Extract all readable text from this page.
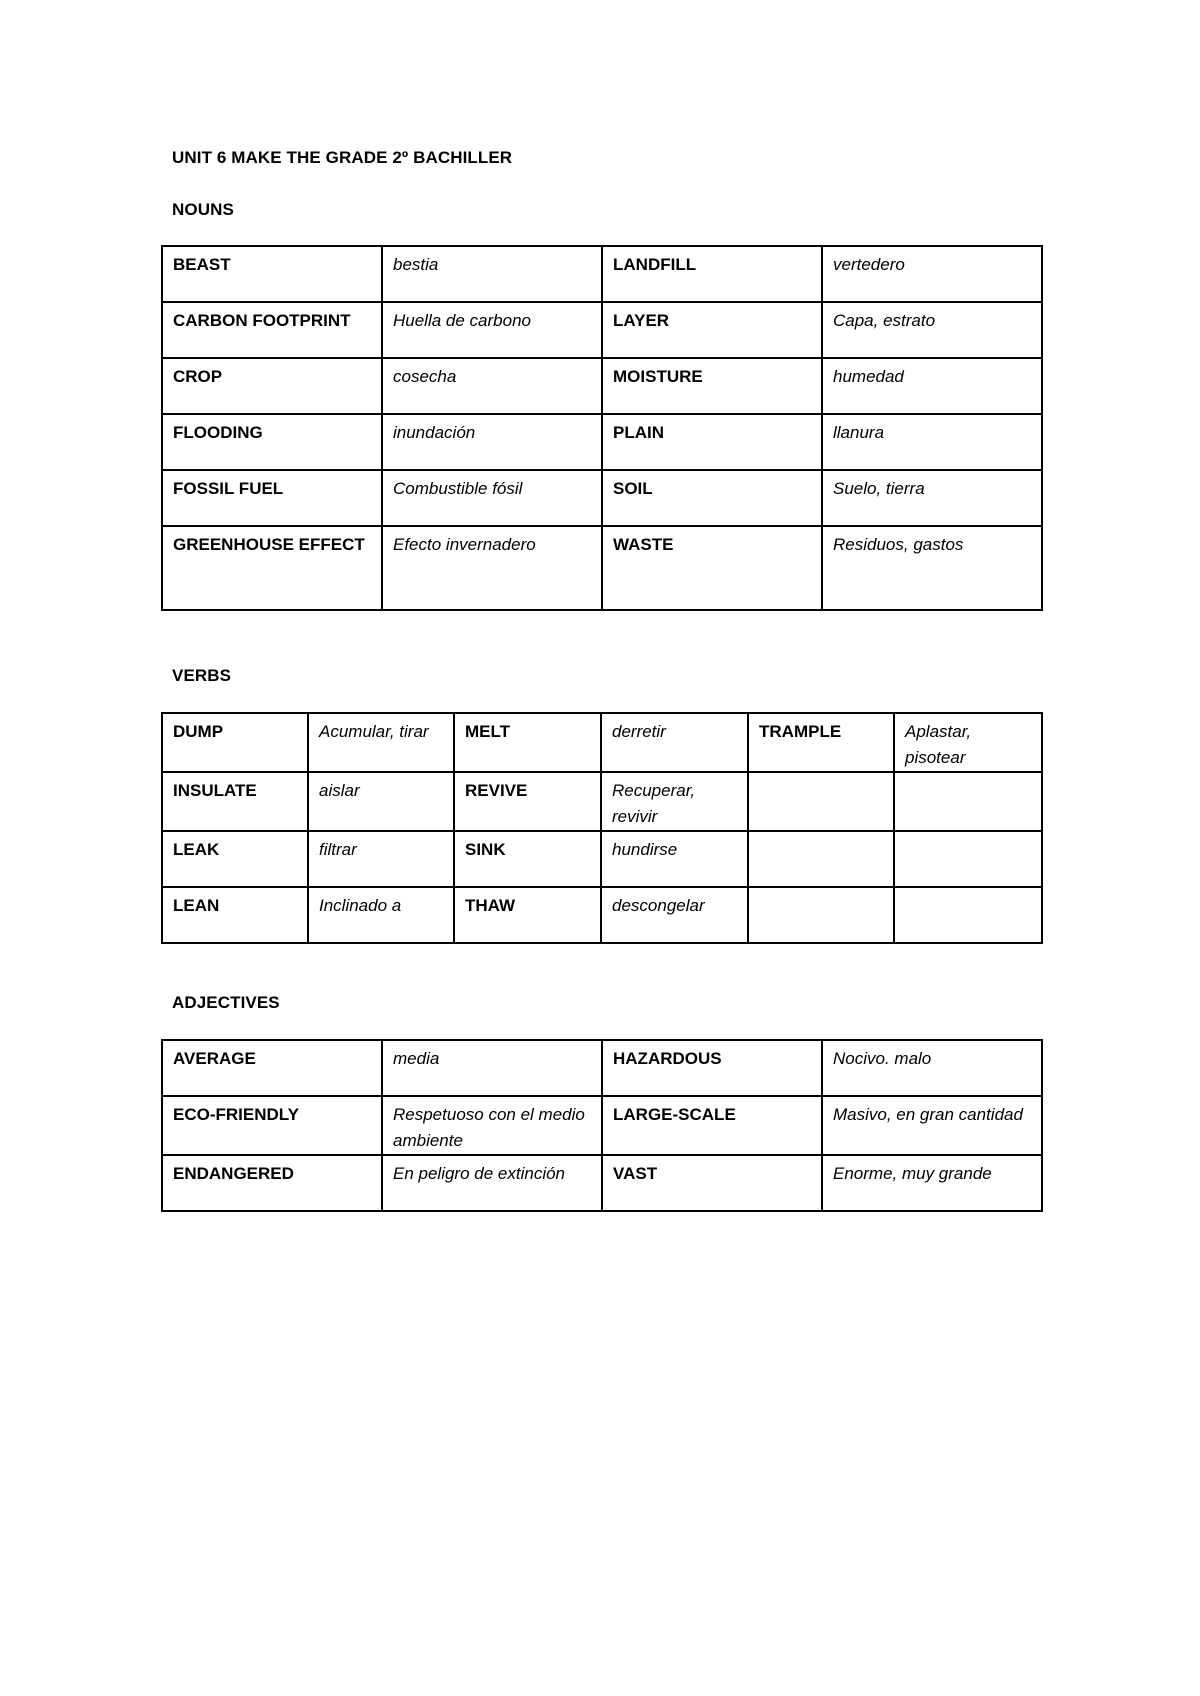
UNIT 6 MAKE THE GRADE 2º BACHILLER
NOUNS
BEAST	bestia	LANDFILL	vertedero
CARBON FOOTPRINT	Huella de carbono	LAYER	Capa, estrato
CROP	cosecha	MOISTURE	humedad
FLOODING	inundación	PLAIN	llanura
FOSSIL FUEL	Combustible fósil	SOIL	Suelo, tierra
GREENHOUSE EFFECT	Efecto invernadero	WASTE	Residuos, gastos
VERBS
DUMP	Acumular, tirar	MELT	derretir	TRAMPLE	Aplastar, pisotear
INSULATE	aislar	REVIVE	Recuperar, revivir		
LEAK	filtrar	SINK	hundirse		
LEAN	Inclinado a	THAW	descongelar		
ADJECTIVES
AVERAGE	media	HAZARDOUS	Nocivo. malo
ECO-FRIENDLY	Respetuoso con el medio ambiente	LARGE-SCALE	Masivo, en gran cantidad
ENDANGERED	En peligro de extinción	VAST	Enorme, muy grande
